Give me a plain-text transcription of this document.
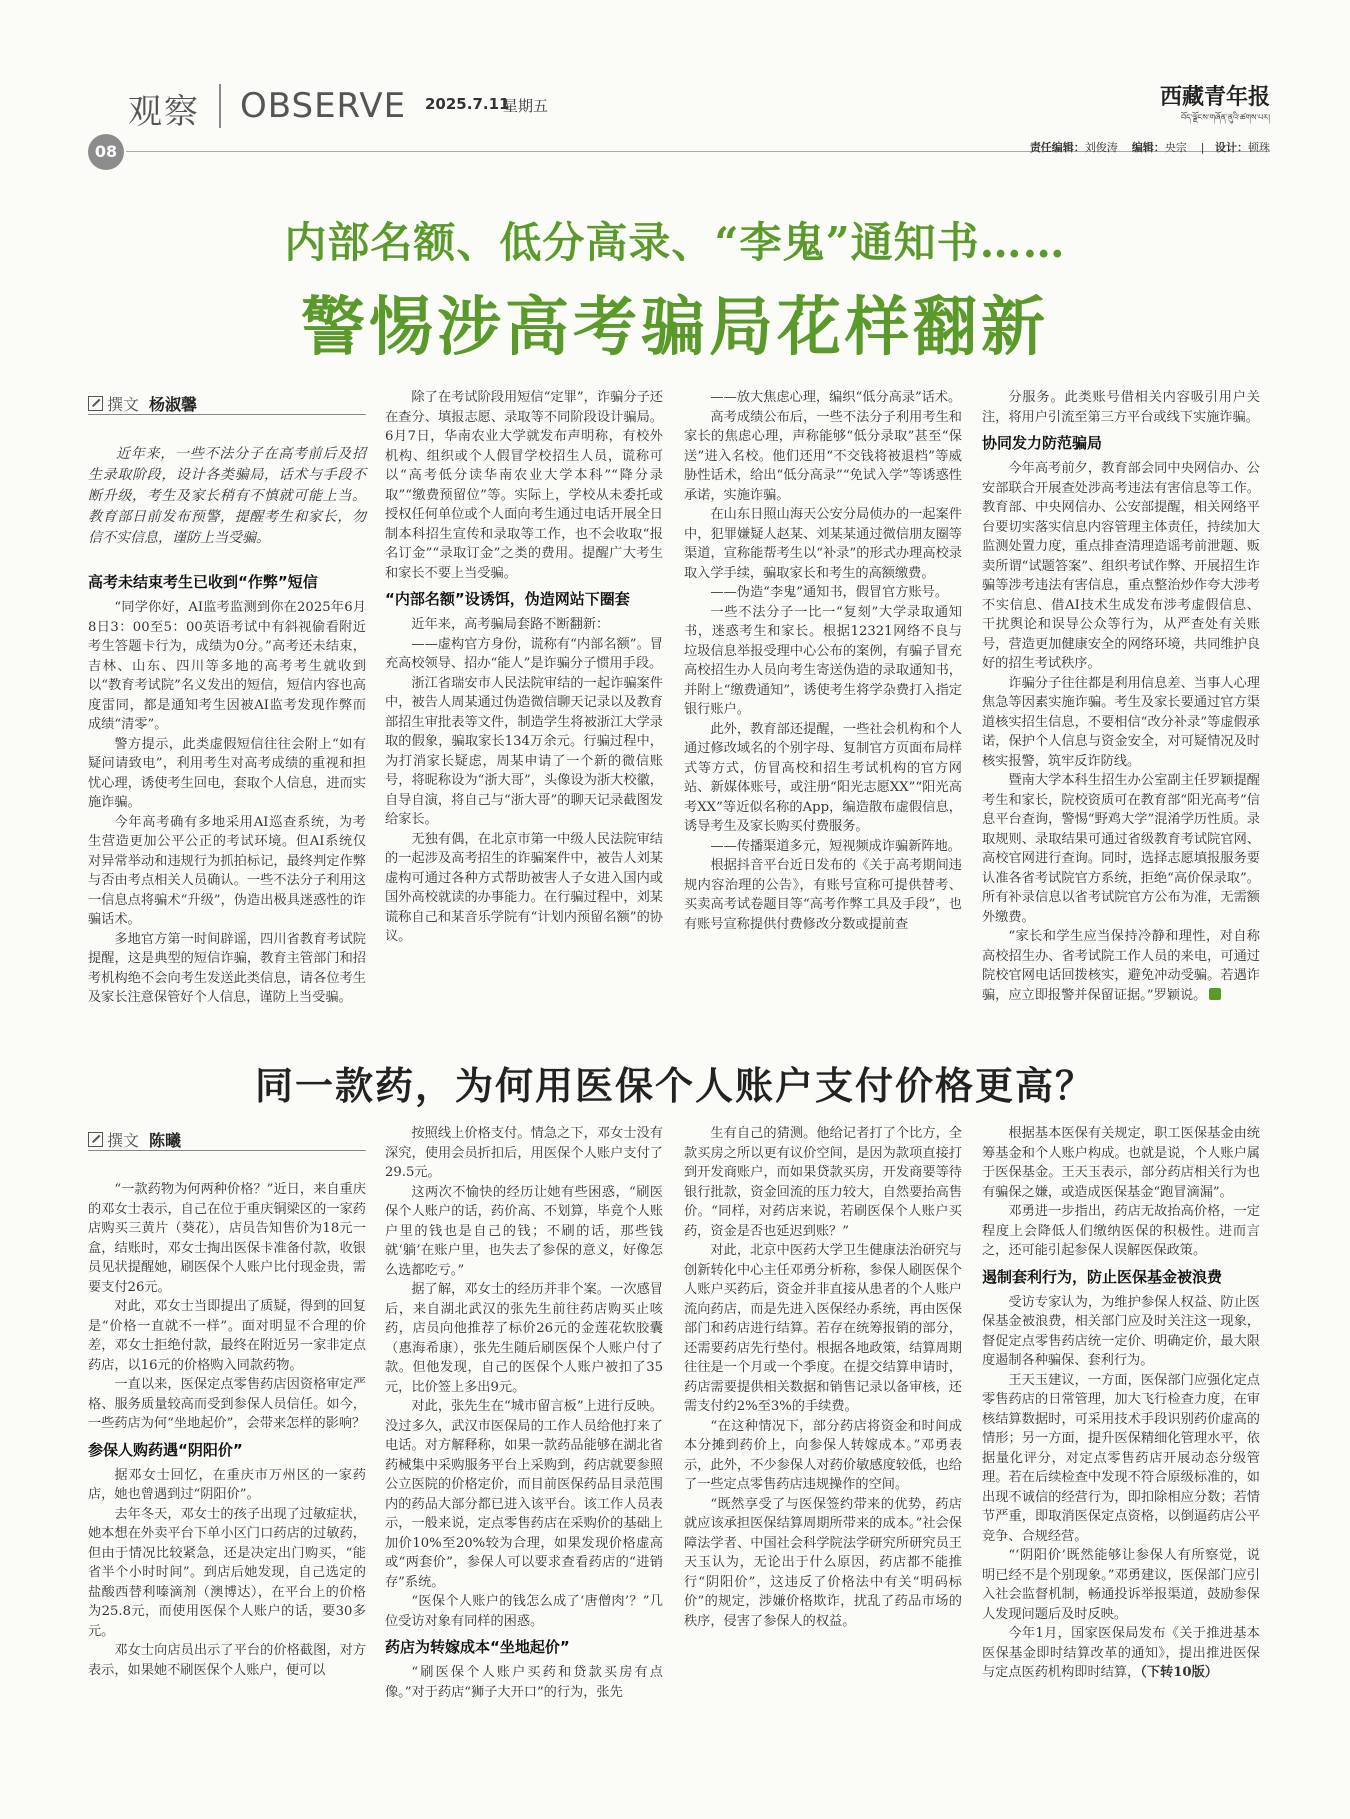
观察 OBSERVE 2025.7.11
星期五	西藏青年报
བོད་ལྗོངས་གཞོན་ནུའི་ཚགས་པར།
08	责任编辑：刘俊涛 编辑：央宗    |   设计：顿珠
内部名额、低分高录、“李鬼”通知书……
警惕涉高考骗局花样翻新
撰文 杨淑馨

近年来，一些不法分子在高考前后及招生录取阶段，设计各类骗局，话术与手段不断升级，考生及家长稍有不慎就可能上当。教育部日前发布预警，提醒考生和家长，勿信不实信息，谨防上当受骗。

高考未结束考生已收到“作弊”短信

“同学你好，AI监考监测到你在2025年6月8日3：00至5：00英语考试中有斜视偷看附近考生答题卡行为，成绩为0分。”高考还未结束，吉林、山东、四川等多地的高考考生就收到以“教育考试院”名义发出的短信，短信内容也高度雷同，都是通知考生因被AI监考发现作弊而成绩“清零”。

警方提示，此类虚假短信往往会附上“如有疑问请致电”，利用考生对高考成绩的重视和担忧心理，诱使考生回电，套取个人信息，进而实施诈骗。

今年高考确有多地采用AI巡查系统，为考生营造更加公平公正的考试环境。但AI系统仅对异常举动和违规行为抓拍标记，最终判定作弊与否由考点相关人员确认。一些不法分子利用这一信息点将骗术“升级”，伪造出极具迷惑性的诈骗话术。

多地官方第一时间辟谣，四川省教育考试院提醒，这是典型的短信诈骗，教育主管部门和招考机构绝不会向考生发送此类信息，请各位考生及家长注意保管好个人信息，谨防上当受骗。

除了在考试阶段用短信“定罪”，诈骗分子还在查分、填报志愿、录取等不同阶段设计骗局。6月7日，华南农业大学就发布声明称，有校外机构、组织或个人假冒学校招生人员，谎称可以“高考低分读华南农业大学本科”“降分录取”“缴费预留位”等。实际上，学校从未委托或授权任何单位或个人面向考生通过电话开展全日制本科招生宣传和录取等工作，也不会收取“报名订金”“录取订金”之类的费用。提醒广大考生和家长不要上当受骗。

“内部名额”设诱饵，伪造网站下圈套

近年来，高考骗局套路不断翻新：

——虚构官方身份，谎称有“内部名额”。冒充高校领导、招办“能人”是诈骗分子惯用手段。

浙江省瑞安市人民法院审结的一起诈骗案件中，被告人周某通过伪造微信聊天记录以及教育部招生审批表等文件，制造学生将被浙江大学录取的假象，骗取家长134万余元。行骗过程中，为打消家长疑虑，周某申请了一个新的微信账号，将昵称设为“浙大哥”，头像设为浙大校徽，自导自演，将自己与“浙大哥”的聊天记录截图发给家长。

无独有偶，在北京市第一中级人民法院审结的一起涉及高考招生的诈骗案件中，被告人刘某虚构可通过各种方式帮助被害人子女进入国内或国外高校就读的办事能力。在行骗过程中，刘某谎称自己和某音乐学院有“计划内预留名额”的协议。

——放大焦虑心理，编织“低分高录”话术。

高考成绩公布后，一些不法分子利用考生和家长的焦虑心理，声称能够“低分录取”甚至“保送”进入名校。他们还用“不交钱将被退档”等威胁性话术，给出“低分高录”“免试入学”等诱惑性承诺，实施诈骗。

在山东日照山海天公安分局侦办的一起案件中，犯罪嫌疑人赵某、刘某某通过微信朋友圈等渠道，宣称能帮考生以“补录”的形式办理高校录取入学手续，骗取家长和考生的高额缴费。

——伪造“李鬼”通知书，假冒官方账号。

一些不法分子一比一“复刻”大学录取通知书，迷惑考生和家长。根据12321网络不良与垃圾信息举报受理中心公布的案例，有骗子冒充高校招生办人员向考生寄送伪造的录取通知书，并附上“缴费通知”，诱使考生将学杂费打入指定银行账户。

此外，教育部还提醒，一些社会机构和个人通过修改域名的个别字母、复制官方页面布局样式等方式，仿冒高校和招生考试机构的官方网站、新媒体账号，或注册“阳光志愿XX”“阳光高考XX”等近似名称的App，编造散布虚假信息，诱导考生及家长购买付费服务。

——传播渠道多元，短视频成诈骗新阵地。

根据抖音平台近日发布的《关于高考期间违规内容治理的公告》，有账号宣称可提供替考、买卖高考试卷题目等“高考作弊工具及手段”，也有账号宣称提供付费修改分数或提前查

分服务。此类账号借相关内容吸引用户关注，将用户引流至第三方平台或线下实施诈骗。

协同发力防范骗局

今年高考前夕，教育部会同中央网信办、公安部联合开展查处涉高考违法有害信息等工作。教育部、中央网信办、公安部提醒，相关网络平台要切实落实信息内容管理主体责任，持续加大监测处置力度，重点排查清理造谣考前泄题、贩卖所谓“试题答案”、组织考试作弊、开展招生诈骗等涉考违法有害信息，重点整治炒作夸大涉考不实信息、借AI技术生成发布涉考虚假信息、干扰舆论和误导公众等行为，从严查处有关账号，营造更加健康安全的网络环境，共同维护良好的招生考试秩序。

诈骗分子往往都是利用信息差、当事人心理焦急等因素实施诈骗。考生及家长要通过官方渠道核实招生信息，不要相信“改分补录”等虚假承诺，保护个人信息与资金安全，对可疑情况及时核实报警，筑牢反诈防线。

暨南大学本科生招生办公室副主任罗颖提醒考生和家长，院校资质可在教育部“阳光高考”信息平台查询，警惕“野鸡大学”混淆学历性质。录取规则、录取结果可通过省级教育考试院官网、高校官网进行查询。同时，选择志愿填报服务要认准各省考试院官方系统，拒绝“高价保录取”。所有补录信息以省考试院官方公布为准，无需额外缴费。

“家长和学生应当保持冷静和理性，对自称高校招生办、省考试院工作人员的来电，可通过院校官网电话回拨核实，避免冲动受骗。若遇诈骗，应立即报警并保留证据。”罗颖说。

同一款药，为何用医保个人账户支付价格更高？
撰文 陈曦

“一款药物为何两种价格？”近日，来自重庆的邓女士表示，自己在位于重庆铜梁区的一家药店购买三黄片（葵花），店员告知售价为18元一盒，结账时，邓女士掏出医保卡准备付款，收银员见状提醒她，刷医保个人账户比付现金贵，需要支付26元。

对此，邓女士当即提出了质疑，得到的回复是“价格一直就不一样”。面对明显不合理的价差，邓女士拒绝付款，最终在附近另一家非定点药店，以16元的价格购入同款药物。

一直以来，医保定点零售药店因资格审定严格、服务质量较高而受到参保人员信任。如今，一些药店为何“坐地起价”，会带来怎样的影响？

参保人购药遇“阴阳价”

据邓女士回忆，在重庆市万州区的一家药店，她也曾遇到过“阴阳价”。

去年冬天，邓女士的孩子出现了过敏症状，她本想在外卖平台下单小区门口药店的过敏药，但由于情况比较紧急，还是决定出门购买，“能省半个小时时间”。到店后她发现，自己选定的盐酸西替利嗪滴剂（澳博达），在平台上的价格为25.8元，而使用医保个人账户的话，要30多元。

邓女士向店员出示了平台的价格截图，对方表示，如果她不刷医保个人账户，便可以

按照线上价格支付。情急之下，邓女士没有深究，使用会员折扣后，用医保个人账户支付了29.5元。

这两次不愉快的经历让她有些困惑，“刷医保个人账户的话，药价高、不划算，毕竟个人账户里的钱也是自己的钱；不刷的话，那些钱就‘躺’在账户里，也失去了参保的意义，好像怎么选都吃亏。”

据了解，邓女士的经历并非个案。一次感冒后，来自湖北武汉的张先生前往药店购买止咳药，店员向他推荐了标价26元的金莲花软胶囊（惠海希康），张先生随后刷医保个人账户付了款。但他发现，自己的医保个人账户被扣了35元，比价签上多出9元。

对此，张先生在“城市留言板”上进行反映。没过多久，武汉市医保局的工作人员给他打来了电话。对方解释称，如果一款药品能够在湖北省药械集中采购服务平台上采购到，药店就要参照公立医院的价格定价，而目前医保药品目录范围内的药品大部分都已进入该平台。该工作人员表示，一般来说，定点零售药店在采购价的基础上加价10%至20%较为合理，如果发现价格虚高或“两套价”，参保人可以要求查看药店的“进销存”系统。

“医保个人账户的钱怎么成了‘唐僧肉’？”几位受访对象有同样的困惑。

药店为转嫁成本“坐地起价”

“刷医保个人账户买药和贷款买房有点像。”对于药店“狮子大开口”的行为，张先

生有自己的猜测。他给记者打了个比方，全款买房之所以更有议价空间，是因为款项直接打到开发商账户，而如果贷款买房，开发商要等待银行批款，资金回流的压力较大，自然要抬高售价。“同样，对药店来说，若刷医保个人账户买药，资金是否也延迟到账？”

对此，北京中医药大学卫生健康法治研究与创新转化中心主任邓勇分析称，参保人刷医保个人账户买药后，资金并非直接从患者的个人账户流向药店，而是先进入医保经办系统，再由医保部门和药店进行结算。若存在统筹报销的部分，还需要药店先行垫付。根据各地政策，结算周期往往是一个月或一个季度。在提交结算申请时，药店需要提供相关数据和销售记录以备审核，还需支付约2%至3%的手续费。

“在这种情况下，部分药店将资金和时间成本分摊到药价上，向参保人转嫁成本。”邓勇表示，此外，不少参保人对药价敏感度较低，也给了一些定点零售药店违规操作的空间。

“既然享受了与医保签约带来的优势，药店就应该承担医保结算周期所带来的成本。”社会保障法学者、中国社会科学院法学研究所研究员王天玉认为，无论出于什么原因，药店都不能推行“阴阳价”，这违反了价格法中有关“明码标价”的规定，涉嫌价格欺诈，扰乱了药品市场的秩序，侵害了参保人的权益。

根据基本医保有关规定，职工医保基金由统筹基金和个人账户构成。也就是说，个人账户属于医保基金。王天玉表示，部分药店相关行为也有骗保之嫌，或造成医保基金“跑冒滴漏”。

邓勇进一步指出，药店无故抬高价格，一定程度上会降低人们缴纳医保的积极性。进而言之，还可能引起参保人误解医保政策。

遏制套利行为，防止医保基金被浪费

受访专家认为，为维护参保人权益、防止医保基金被浪费，相关部门应及时关注这一现象，督促定点零售药店统一定价、明确定价，最大限度遏制各种骗保、套利行为。

王天玉建议，一方面，医保部门应强化定点零售药店的日常管理，加大飞行检查力度，在审核结算数据时，可采用技术手段识别药价虚高的情形；另一方面，提升医保精细化管理水平，依据量化评分，对定点零售药店开展动态分级管理。若在后续检查中发现不符合原级标准的，如出现不诚信的经营行为，即扣除相应分数；若情节严重，即取消医保定点资格，以倒逼药店公平竞争、合规经营。

“‘阴阳价’既然能够让参保人有所察觉，说明已经不是个别现象。”邓勇建议，医保部门应引入社会监督机制，畅通投诉举报渠道，鼓励参保人发现问题后及时反映。

今年1月，国家医保局发布《关于推进基本医保基金即时结算改革的通知》，提出推进医保与定点医药机构即时结算，（下转10版）
